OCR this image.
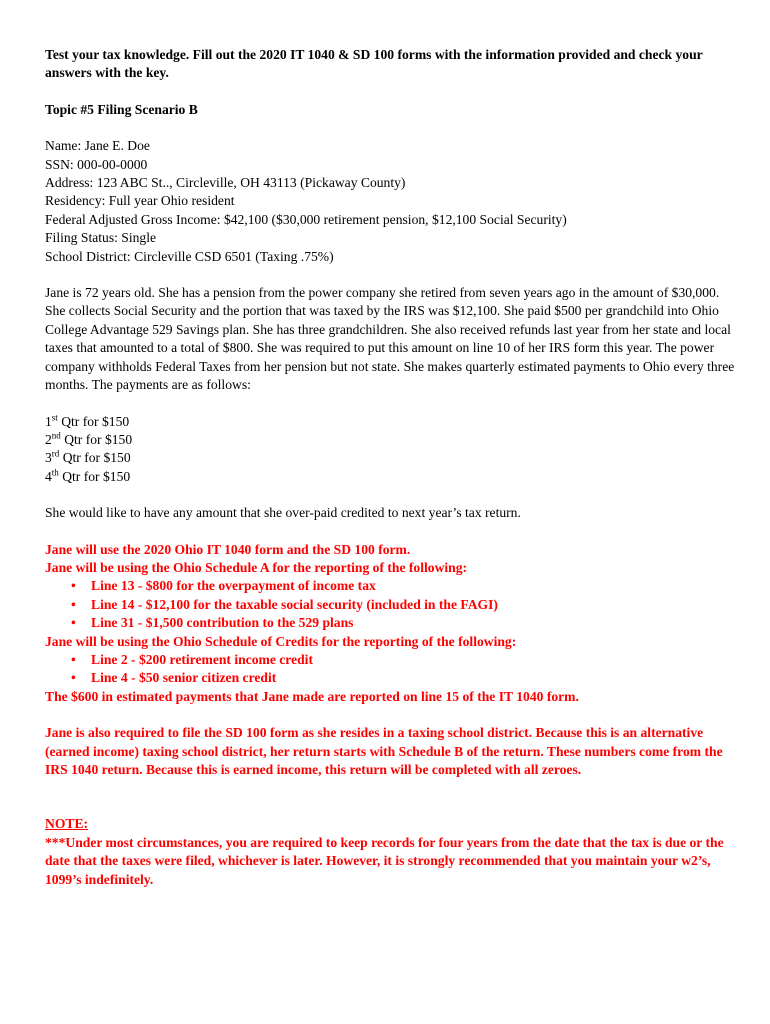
Test your tax knowledge. Fill out the 2020 IT 1040 & SD 100 forms with the information provided and check your answers with the key.

Topic #5 Filing Scenario B

Name: Jane E. Doe

SSN: 000-00-0000

Address: 123 ABC St.., Circleville, OH 43113 (Pickaway County)

Residency: Full year Ohio resident

Federal Adjusted Gross Income: $42,100 ($30,000 retirement pension, $12,100 Social Security)

Filing Status: Single

School District: Circleville CSD 6501 (Taxing .75%)

Jane is 72 years old. She has a pension from the power company she retired from seven years ago in the amount of $30,000. She collects Social Security and the portion that was taxed by the IRS was $12,100. She paid $500 per grandchild into Ohio College Advantage 529 Savings plan. She has three grandchildren. She also received refunds last year from her state and local taxes that amounted to a total of $800. She was required to put this amount on line 10 of her IRS form this year. The power company withholds Federal Taxes from her pension but not state. She makes quarterly estimated payments to Ohio every three months. The payments are as follows:

1st Qtr for $150

2nd Qtr for $150

3rd Qtr for $150

4th Qtr for $150

She would like to have any amount that she over-paid credited to next year’s tax return.

Jane will use the 2020 Ohio IT 1040 form and the SD 100 form.

Jane will be using the Ohio Schedule A for the reporting of the following:

• Line 13 - $800 for the overpayment of income tax
• Line 14 - $12,100 for the taxable social security (included in the FAGI)
• Line 31 - $1,500 contribution to the 529 plans

Jane will be using the Ohio Schedule of Credits for the reporting of the following:

• Line 2 - $200 retirement income credit
• Line 4 - $50 senior citizen credit

The $600 in estimated payments that Jane made are reported on line 15 of the IT 1040 form.

Jane is also required to file the SD 100 form as she resides in a taxing school district. Because this is an alternative (earned income) taxing school district, her return starts with Schedule B of the return. These numbers come from the IRS 1040 return. Because this is earned income, this return will be completed with all zeroes.

NOTE:

***Under most circumstances, you are required to keep records for four years from the date that the tax is due or the date that the taxes were filed, whichever is later. However, it is strongly recommended that you maintain your w2’s, 1099’s indefinitely.
